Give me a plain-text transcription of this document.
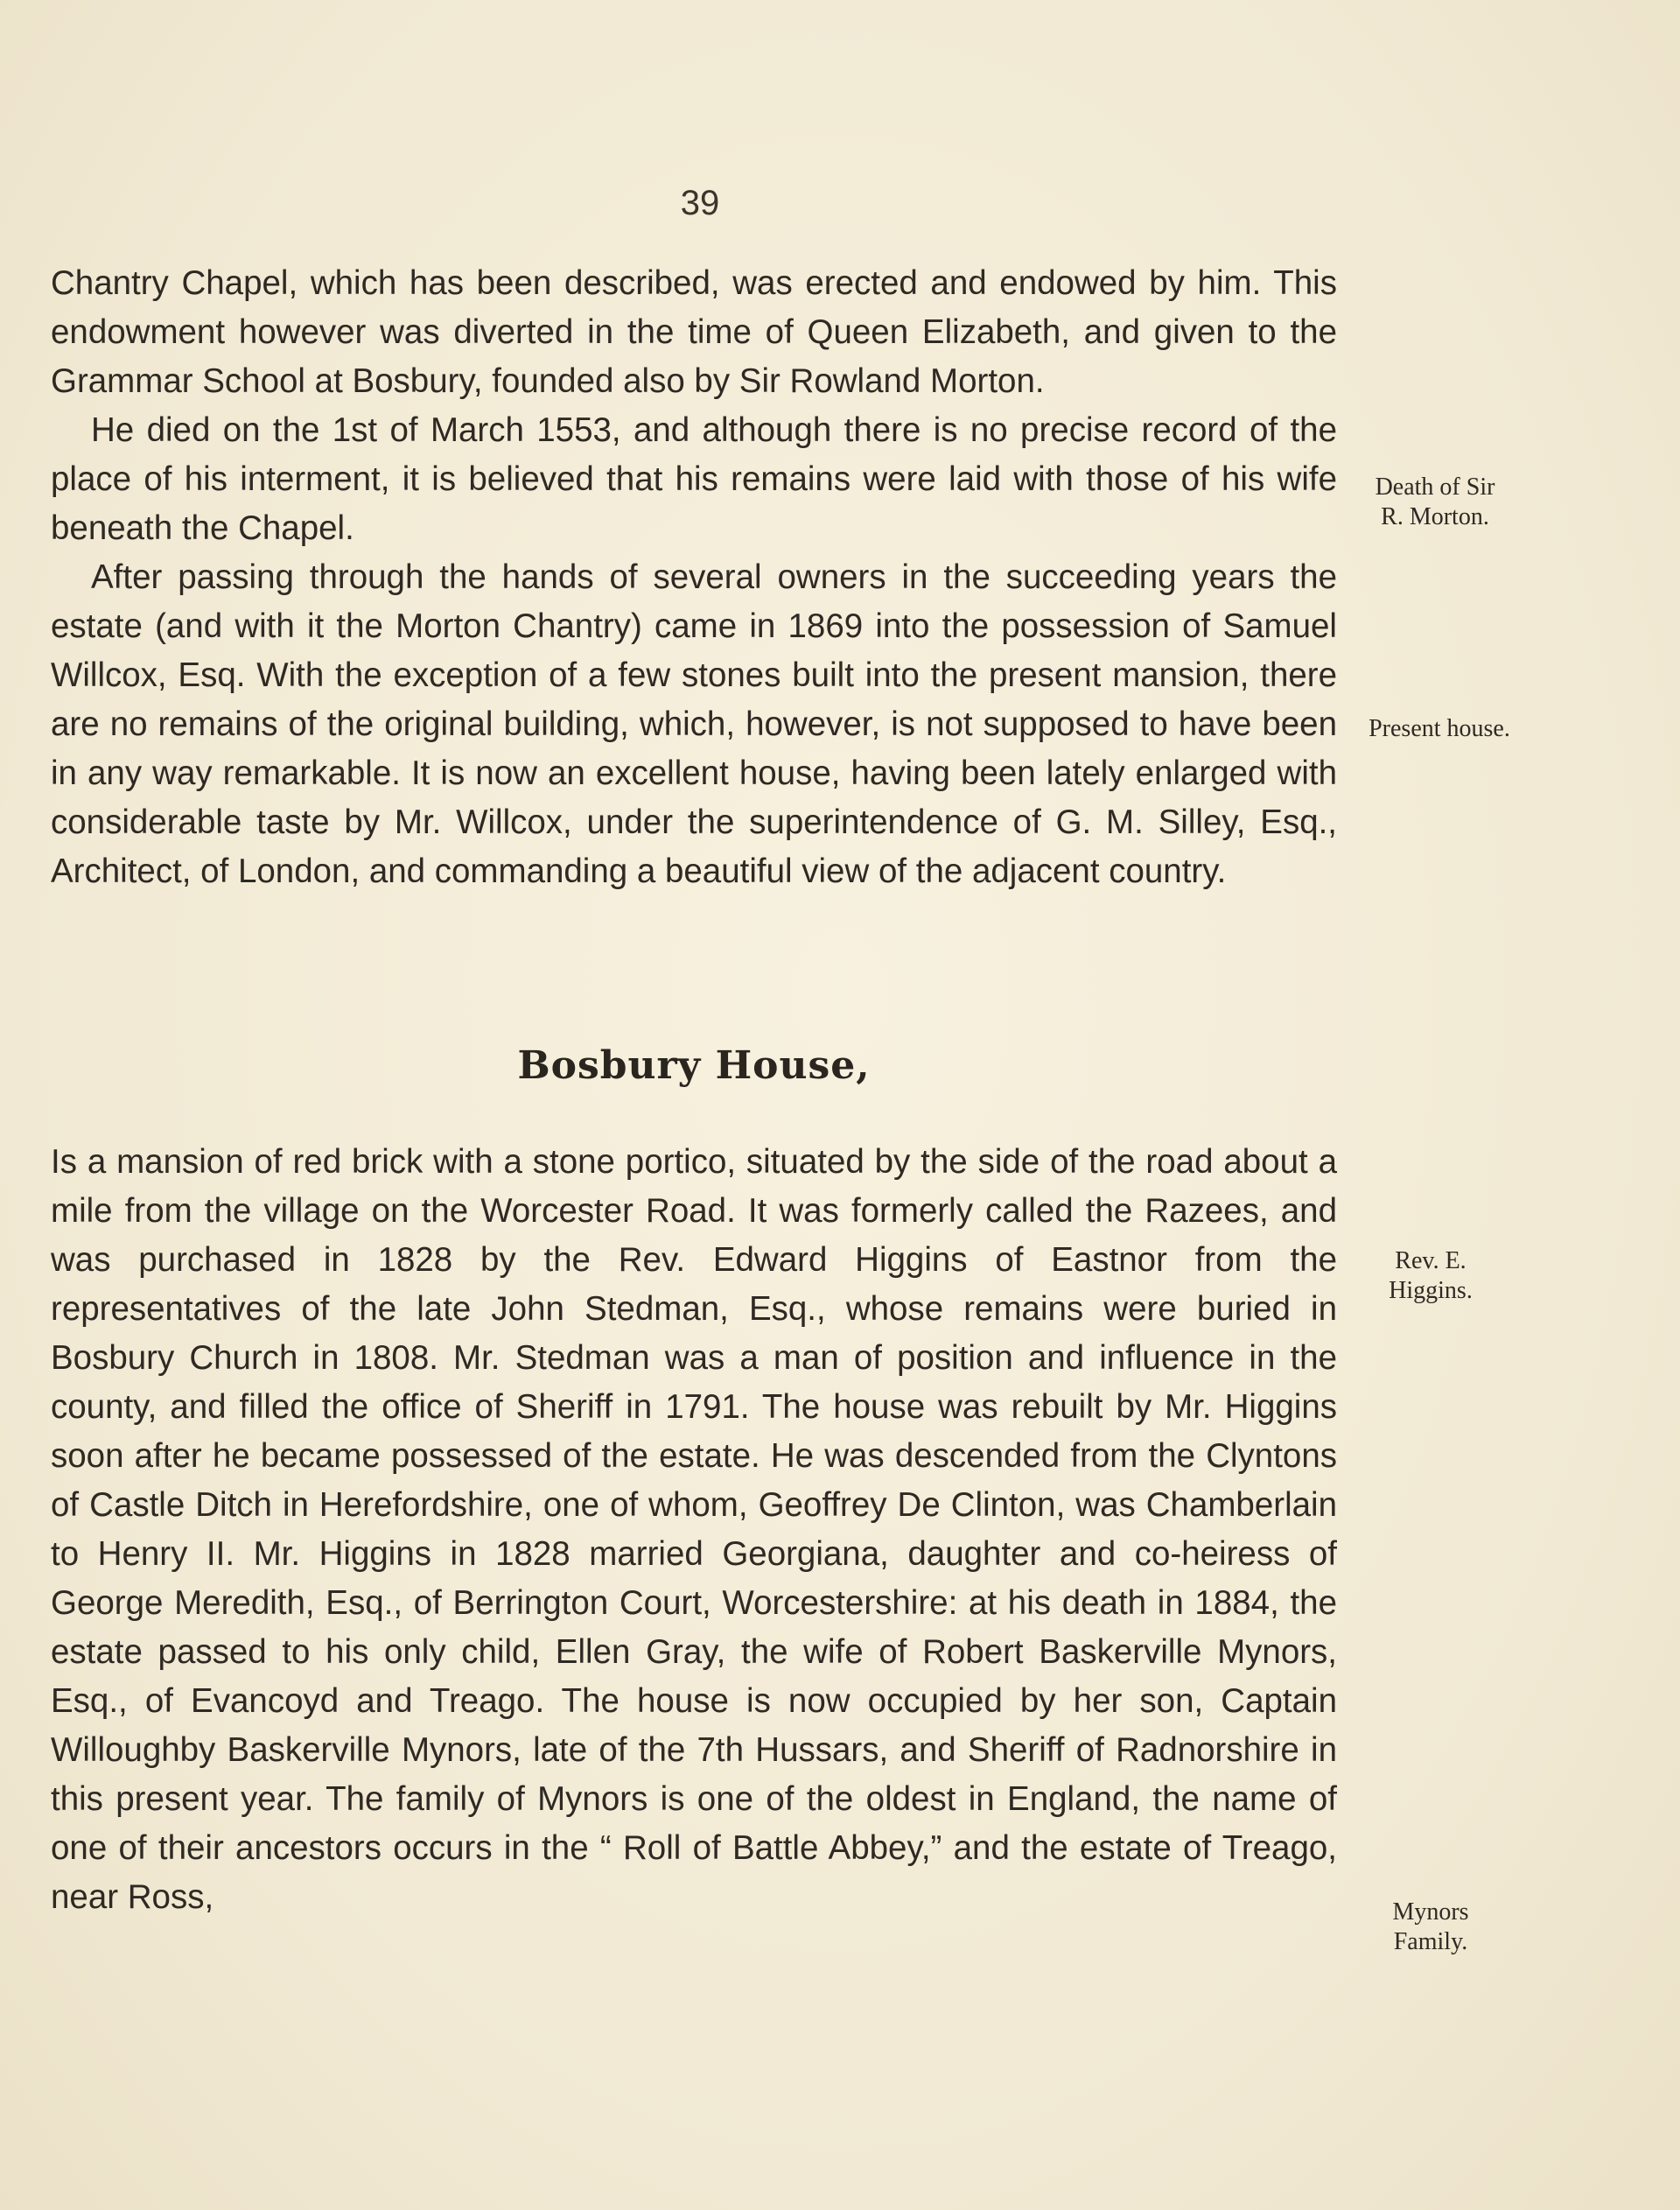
39

Chantry Chapel, which has been described, was erected and endowed by him. This endowment however was diverted in the time of Queen Elizabeth, and given to the Grammar School at Bosbury, founded also by Sir Rowland Morton.

He died on the 1st of March 1553, and although there is no precise record of the place of his interment, it is believed that his remains were laid with those of his wife beneath the Chapel.

After passing through the hands of several owners in the succeeding years the estate (and with it the Morton Chantry) came in 1869 into the possession of Samuel Willcox, Esq. With the exception of a few stones built into the present mansion, there are no remains of the original building, which, however, is not supposed to have been in any way remarkable. It is now an excellent house, having been lately enlarged with considerable taste by Mr. Willcox, under the superintendence of G. M. Silley, Esq., Architect, of London, and commanding a beautiful view of the adjacent country.

Death of Sir
R. Morton.
Present house.
Bosbury House,

Is a mansion of red brick with a stone portico, situated by the side of the road about a mile from the village on the Worcester Road. It was formerly called the Razees, and was purchased in 1828 by the Rev. Edward Higgins of Eastnor from the representatives of the late John Stedman, Esq., whose remains were buried in Bosbury Church in 1808. Mr. Stedman was a man of position and influence in the county, and filled the office of Sheriff in 1791. The house was rebuilt by Mr. Higgins soon after he became possessed of the estate. He was descended from the Clyntons of Castle Ditch in Herefordshire, one of whom, Geoffrey De Clinton, was Chamberlain to Henry II. Mr. Higgins in 1828 married Georgiana, daughter and co-heiress of George Meredith, Esq., of Berrington Court, Worcestershire: at his death in 1884, the estate passed to his only child, Ellen Gray, the wife of Robert Baskerville Mynors, Esq., of Evancoyd and Treago. The house is now occupied by her son, Captain Willoughby Baskerville Mynors, late of the 7th Hussars, and Sheriff of Radnorshire in this present year. The family of Mynors is one of the oldest in England, the name of one of their ancestors occurs in the “ Roll of Battle Abbey,” and the estate of Treago, near Ross,

Rev. E.
Higgins.
Mynors
Family.
